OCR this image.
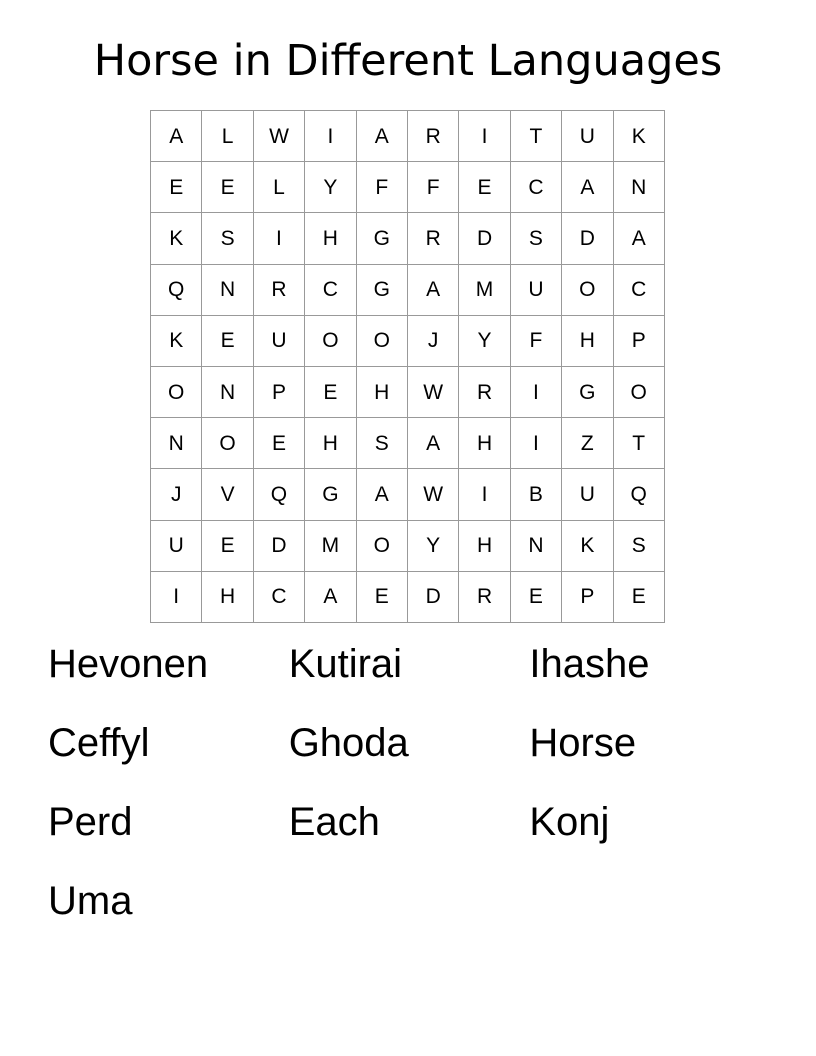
Horse in Different Languages
A	L	W	I	A	R	I	T	U	K
E	E	L	Y	F	F	E	C	A	N
K	S	I	H	G	R	D	S	D	A
Q	N	R	C	G	A	M	U	O	C
K	E	U	O	O	J	Y	F	H	P
O	N	P	E	H	W	R	I	G	O
N	O	E	H	S	A	H	I	Z	T
J	V	Q	G	A	W	I	B	U	Q
U	E	D	M	O	Y	H	N	K	S
I	H	C	A	E	D	R	E	P	E
Hevonen	Kutirai	Ihashe
Ceffyl	Ghoda	Horse
Perd	Each	Konj
Uma
